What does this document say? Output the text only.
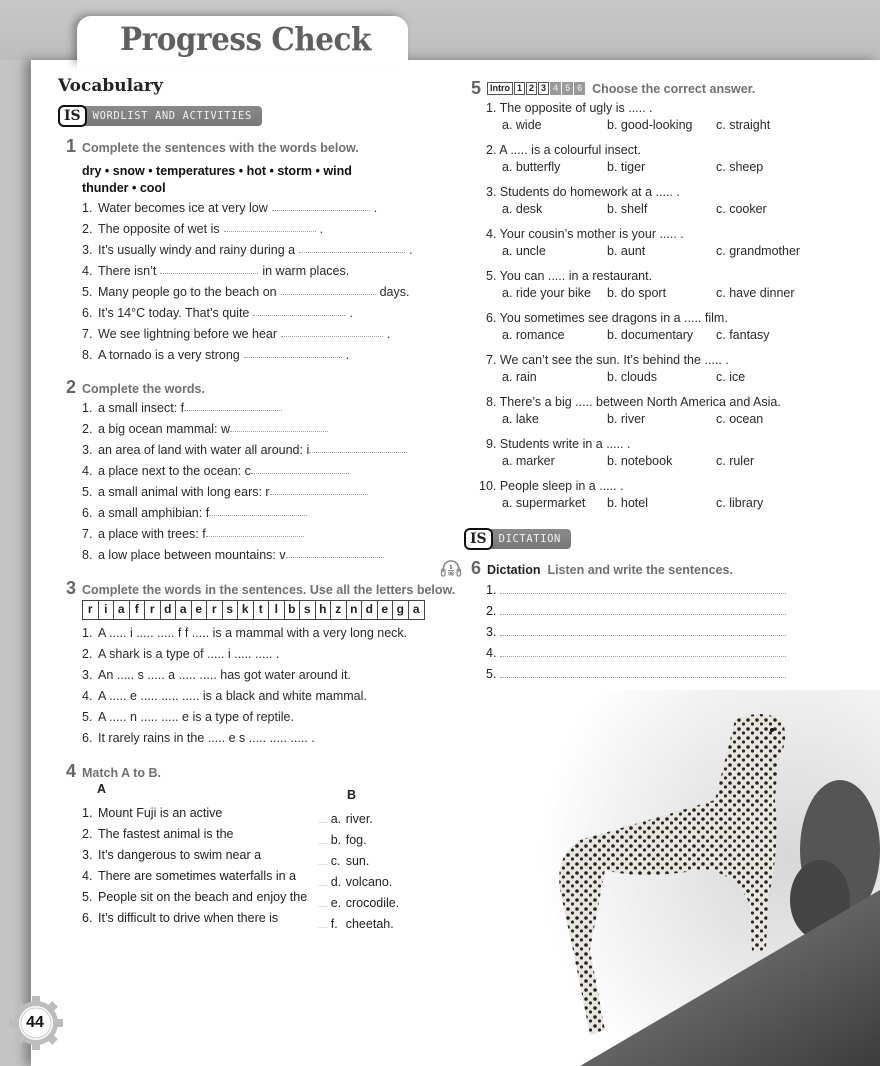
Progress Check
Vocabulary
IS	WORDLIST AND ACTIVITIES
1 Complete the sentences with the words below.
dry • snow • temperatures • hot • storm • wind
thunder • cool
1. Water becomes ice at very low	.
2. The opposite of wet is	.
3. It’s usually windy and rainy during a	.
4. There isn’t	in warm places.
5. Many people go to the beach on	days.
6. It’s 14°C today. That’s quite	.
7. We see lightning before we hear	.
8. A tornado is a very strong	.
2 Complete the words.
1. a small insect: f
2. a big ocean mammal: w
3. an area of land with water all around: i
4. a place next to the ocean: c
5. a small animal with long ears: r
6. a small amphibian: f
7. a place with trees: f
8. a low place between mountains: v
3 Complete the words in the sentences. Use all the letters below.
r i a f r d a e r s k t l b s h z n d e g a
1. A ..... i ..... ..... f f ..... is a mammal with a very long neck.
2. A shark is a type of ..... i ..... ..... .
3. An ..... s ..... a ..... ..... has got water around it.
4. A ..... e ..... ..... ..... is a black and white mammal.
5. A ..... n ..... ..... e is a type of reptile.
6. It rarely rains in the ..... e s ..... ..... ..... .
4 Match A to B.
A
1. Mount Fuji is an active
2. The fastest animal is the
3. It’s dangerous to swim near a
4. There are sometimes waterfalls in a
5. People sit on the beach and enjoy the
6. It’s difficult to drive when there is
B
..... a. river.
..... b. fog.
..... c. sun.
..... d. volcano.
..... e. crocodile.
..... f. cheetah.
5	Intro 1 2 3 4 5 6 Choose the correct answer.
1. The opposite of ugly is ..... .
a. wide	b. good-looking	c. straight
2. A ..... is a colourful insect.
a. butterfly	b. tiger	c. sheep
3. Students do homework at a ..... .
a. desk	b. shelf	c. cooker
4. Your cousin’s mother is your ..... .
a. uncle	b. aunt	c. grandmother
5. You can ..... in a restaurant.
a. ride your bike	b. do sport	c. have dinner
6. You sometimes see dragons in a ..... film.
a. romance	b. documentary	c. fantasy
7. We can’t see the sun. It’s behind the ..... .
a. rain	b. clouds	c. ice
8. There’s a big ..... between North America and Asia.
a. lake	b. river	c. ocean
9. Students write in a ..... .
a. marker	b. notebook	c. ruler
10. People sleep in a ..... .
a. supermarket	b. hotel	c. library
IS	DICTATION
5
08 6 Dictation Listen and write the sentences.
1.
2.
3.
4.
5.
44
